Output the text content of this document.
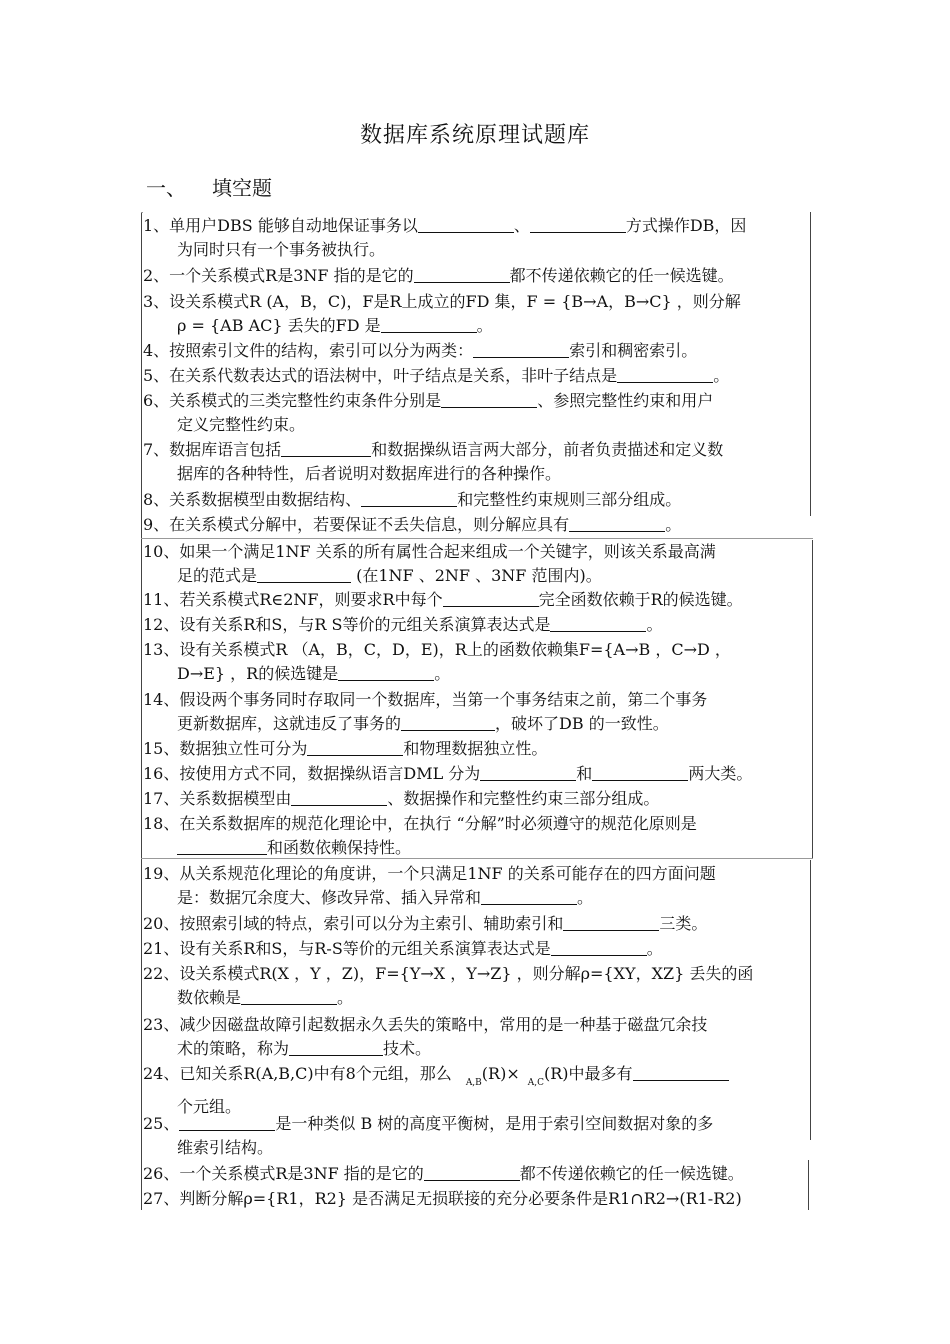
数据库系统原理试题库
一、 填空题
1、单用户DBS 能够自动地保证事务以	、	方式操作DB，因
为同时只有一个事务被执行。
2、一个关系模式R是3NF 指的是它的	都不传递依赖它的任一候选键。
3、设关系模式R (A，B，C)，F是R上成立的FD 集，F = {B→A，B→C} ，则分解
ρ = {AB AC} 丢失的FD 是	。
4、按照索引文件的结构，索引可以分为两类：	索引和稠密索引。
5、在关系代数表达式的语法树中，叶子结点是关系，非叶子结点是	。
6、关系模式的三类完整性约束条件分别是	、参照完整性约束和用户
定义完整性约束。
7、数据库语言包括	和数据操纵语言两大部分，前者负责描述和定义数
据库的各种特性，后者说明对数据库进行的各种操作。
8、关系数据模型由数据结构、	和完整性约束规则三部分组成。
9、在关系模式分解中，若要保证不丢失信息，则分解应具有	。
10、如果一个满足1NF 关系的所有属性合起来组成一个关键字，则该关系最高满
足的范式是	(在1NF 、2NF 、3NF 范围内)。
11、若关系模式R∈2NF，则要求R中每个	完全函数依赖于R的候选键。
12、设有关系R和S，与R S等价的元组关系演算表达式是	。
13、设有关系模式R （A，B，C，D，E)，R上的函数依赖集F={A→B ，C→D ，
D→E} ，R的候选键是	。
14、假设两个事务同时存取同一个数据库，当第一个事务结束之前，第二个事务
更新数据库，这就违反了事务的	，破坏了DB 的一致性。
15、数据独立性可分为	和物理数据独立性。
16、按使用方式不同，数据操纵语言DML 分为	和	两大类。
17、关系数据模型由	、数据操作和完整性约束三部分组成。
18、在关系数据库的规范化理论中，在执行 “分解”时必须遵守的规范化原则是
和函数依赖保持性。
19、从关系规范化理论的角度讲，一个只满足1NF 的关系可能存在的四方面问题
是：数据冗余度大、修改异常、插入异常和	。
20、按照索引域的特点，索引可以分为主索引、辅助索引和	三类。
21、设有关系R和S，与R-S等价的元组关系演算表达式是	。
22、设关系模式R(X ，Y ，Z)，F={Y→X ，Y→Z} ，则分解ρ={XY，XZ} 丢失的函
数依赖是	。
23、减少因磁盘故障引起数据永久丢失的策略中，常用的是一种基于磁盘冗余技
术的策略，称为	技术。
24、已知关系R(A,B,C)中有8个元组，那么 $_{A,B}$(R)× $_{A,C}$(R)中最多有
个元组。
25、	是一种类似 B 树的高度平衡树，是用于索引空间数据对象的多
维索引结构。
26、一个关系模式R是3NF 指的是它的	都不传递依赖它的任一候选键。
27、判断分解ρ={R1，R2} 是否满足无损联接的充分必要条件是R1∩R2→(R1-R2)
